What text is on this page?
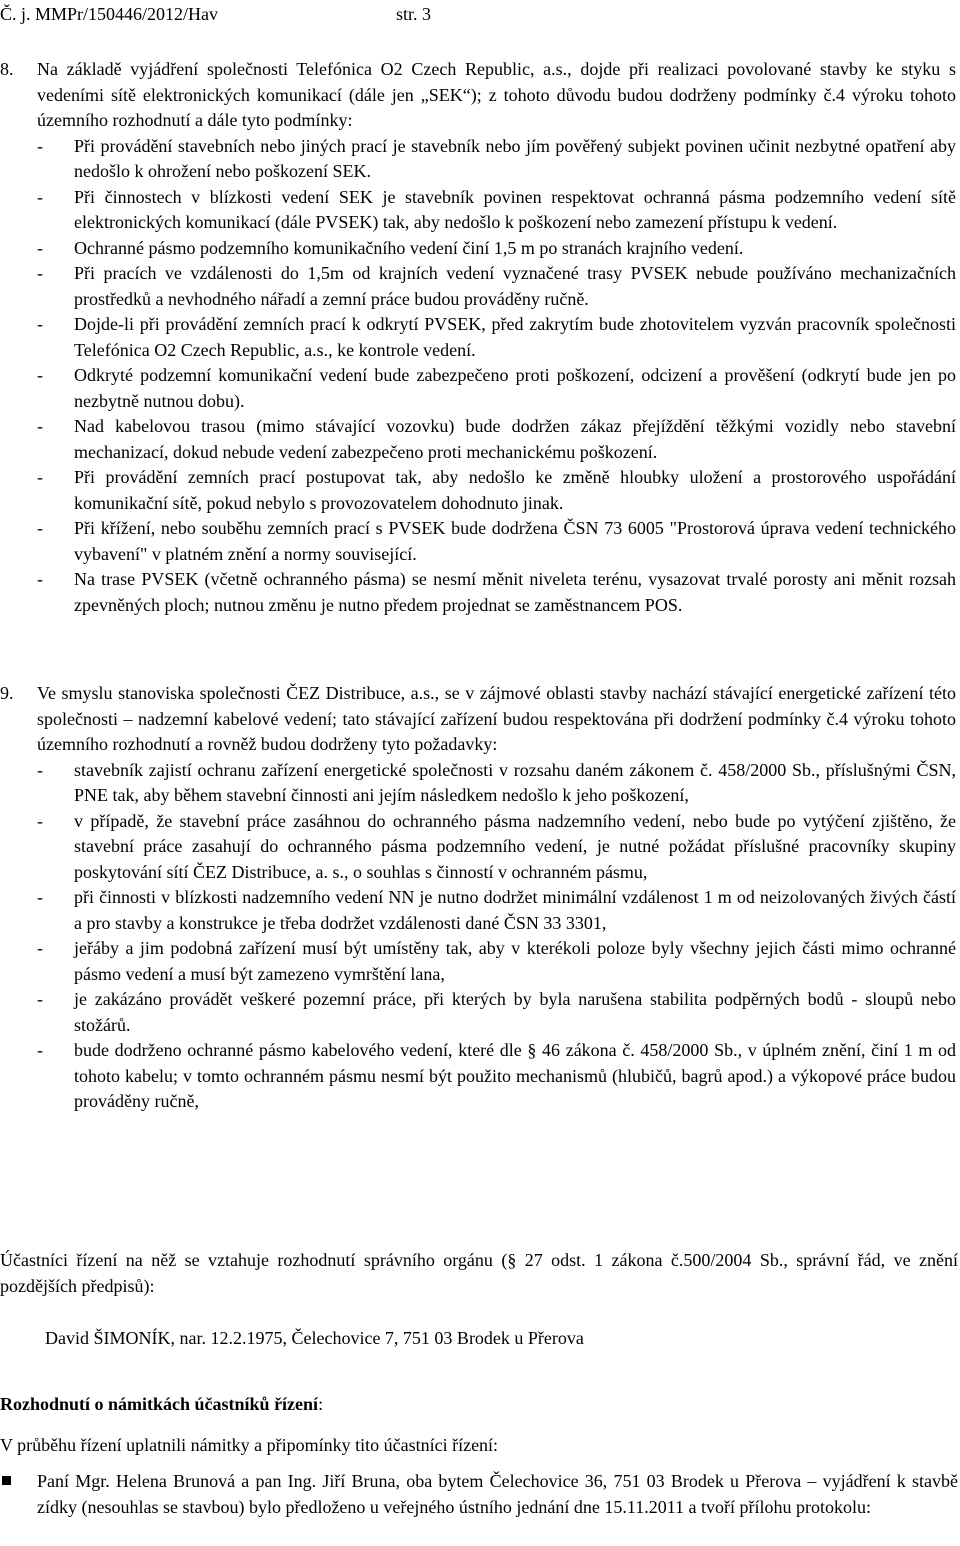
Č. j. MMPr/150446/2012/Hav	str. 3
8. Na základě vyjádření společnosti Telefónica O2 Czech Republic, a.s., dojde při realizaci povolované stavby ke styku s vedeními sítě elektronických komunikací (dále jen „SEK“); z tohoto důvodu budou dodrženy podmínky č.4 výroku tohoto územního rozhodnutí a dále tyto podmínky:

- Při provádění stavebních nebo jiných prací je stavebník nebo jím pověřený subjekt povinen učinit nezbytné opatření aby nedošlo k ohrožení nebo poškození SEK.
- Při činnostech v blízkosti vedení SEK je stavebník povinen respektovat ochranná pásma podzemního vedení sítě elektronických komunikací (dále PVSEK) tak, aby nedošlo k poškození nebo zamezení přístupu k vedení.
- Ochranné pásmo podzemního komunikačního vedení činí 1,5 m po stranách krajního vedení.
- Při pracích ve vzdálenosti do 1,5m od krajních vedení vyznačené trasy PVSEK nebude používáno mechanizačních prostředků a nevhodného nářadí a zemní práce budou prováděny ručně.
- Dojde-li při provádění zemních prací k odkrytí PVSEK, před zakrytím bude zhotovitelem vyzván pracovník společnosti Telefónica O2 Czech Republic, a.s., ke kontrole vedení.
- Odkryté podzemní komunikační vedení bude zabezpečeno proti poškození, odcizení a prověšení (odkrytí bude jen po nezbytně nutnou dobu).
- Nad kabelovou trasou (mimo stávající vozovku) bude dodržen zákaz přejíždění těžkými vozidly nebo stavební mechanizací, dokud nebude vedení zabezpečeno proti mechanickému poškození.
- Při provádění zemních prací postupovat tak, aby nedošlo ke změně hloubky uložení a prostorového uspořádání komunikační sítě, pokud nebylo s provozovatelem dohodnuto jinak.
- Při křížení, nebo souběhu zemních prací s PVSEK bude dodržena ČSN 73 6005 "Prostorová úprava vedení technického vybavení" v platném znění a normy související.
- Na trase PVSEK (včetně ochranného pásma) se nesmí měnit niveleta terénu, vysazovat trvalé porosty ani měnit rozsah zpevněných ploch; nutnou změnu je nutno předem projednat se zaměstnancem POS.
9. Ve smyslu stanoviska společnosti ČEZ Distribuce, a.s., se v zájmové oblasti stavby nachází stávající energetické zařízení této společnosti – nadzemní kabelové vedení; tato stávající zařízení budou respektována při dodržení podmínky č.4 výroku tohoto územního rozhodnutí a rovněž budou dodrženy tyto požadavky:

- stavebník zajistí ochranu zařízení energetické společnosti v rozsahu daném zákonem č. 458/2000 Sb., příslušnými ČSN, PNE tak, aby během stavební činnosti ani jejím následkem nedošlo k jeho poškození,
- v případě, že stavební práce zasáhnou do ochranného pásma nadzemního vedení, nebo bude po vytýčení zjištěno, že stavební práce zasahují do ochranného pásma podzemního vedení, je nutné požádat příslušné pracovníky skupiny poskytování sítí ČEZ Distribuce, a. s., o souhlas s činností v ochranném pásmu,
- při činnosti v blízkosti nadzemního vedení NN je nutno dodržet minimální vzdálenost 1 m od neizolovaných živých částí a pro stavby a konstrukce je třeba dodržet vzdálenosti dané ČSN 33 3301,
- jeřáby a jim podobná zařízení musí být umístěny tak, aby v kterékoli poloze byly všechny jejich části mimo ochranné pásmo vedení a musí být zamezeno vymrštění lana,
- je zakázáno provádět veškeré pozemní práce, při kterých by byla narušena stabilita podpěrných bodů - sloupů nebo stožárů.
- bude dodrženo ochranné pásmo kabelového vedení, které dle § 46 zákona č. 458/2000 Sb., v úplném znění, činí 1 m od tohoto kabelu; v tomto ochranném pásmu nesmí být použito mechanismů (hlubičů, bagrů apod.) a výkopové práce budou prováděny ručně,

Účastníci řízení na něž se vztahuje rozhodnutí správního orgánu (§ 27 odst. 1 zákona č.500/2004 Sb., správní řád, ve znění pozdějších předpisů):

David ŠIMONÍK, nar. 12.2.1975, Čelechovice 7, 751 03 Brodek u Přerova

Rozhodnutí o námitkách účastníků řízení:

V průběhu řízení uplatnili námitky a připomínky tito účastníci řízení:

Paní Mgr. Helena Brunová a pan Ing. Jiří Bruna, oba bytem Čelechovice 36, 751 03 Brodek u Přerova – vyjádření k stavbě zídky (nesouhlas se stavbou) bylo předloženo u veřejného ústního jednání dne 15.11.2011 a tvoří přílohu protokolu:
